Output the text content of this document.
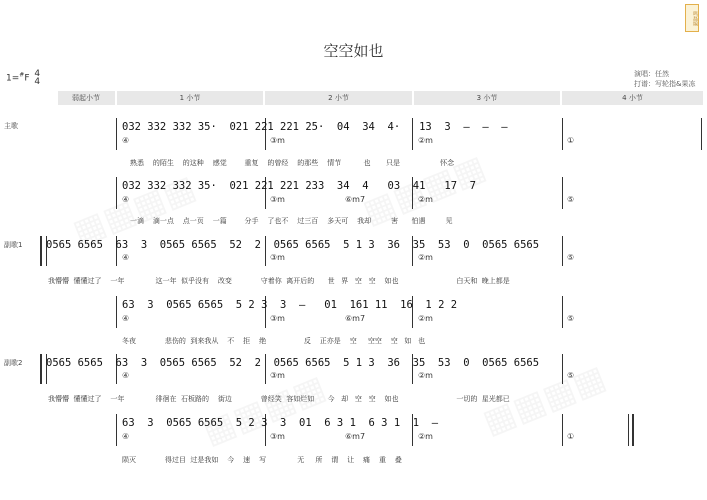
鸣磊编
空空如也
1=#F 4
4
演唱：任然
打谱：写轮指&果冻
弱起小节	1 小节	2 小节	3 小节	4 小节
主歌
副歌1
副歌2
032 332 332 35·  021 221 221 25·  04  34  4·   13  3  —  —  —
④	③m	②m	①
熟悉    的陌生    的这种    感觉        重复    的曾经    的那些    情节          也       只是                  怀念
032 332 332 35·  021 221 221 233  34  4   03  41   17  7
④	③m	⑥m7	②m	⑤
一滴    滴一点    点一页    一篇        分手    了也不    过三百    多天可    我却         害      怕遇         见
0565 6565  63  3  0565 6565  52  2  0565 6565  5 1 3  36  35  53  0  0565 6565
④	③m	②m	⑤
我懵懵  懂懂过了    一年              这一年  似乎没有    改变             守着你  离开后的      世   界   空   空    如也                          白天和  晚上都是
63  3  0565 6565  5 2 3  3  —   01  161 11  16  1 2 2
④	③m	⑥m7	②m	⑤
冬夜             悲伤的  到来我从    不    拒    绝                 反    正亦是    空     空空    空   如   也
0565 6565  63  3  0565 6565  52  2  0565 6565  5 1 3  36  35  53  0  0565 6565
④	③m	②m	⑤
我懵懵  懂懂过了    一年              徘徊在  石板路的    街边             曾经笑  容如烂如      今   却   空   空    如也                          一切的  星光都已
63  3  0565 6565  5 2 3  3  01  6 3 1  6 3 1  1  —
④	③m	⑥m7	②m	①
陨灭             得过目  过是我如    今    速    写              无     所    谓    让    痛    重    叠
